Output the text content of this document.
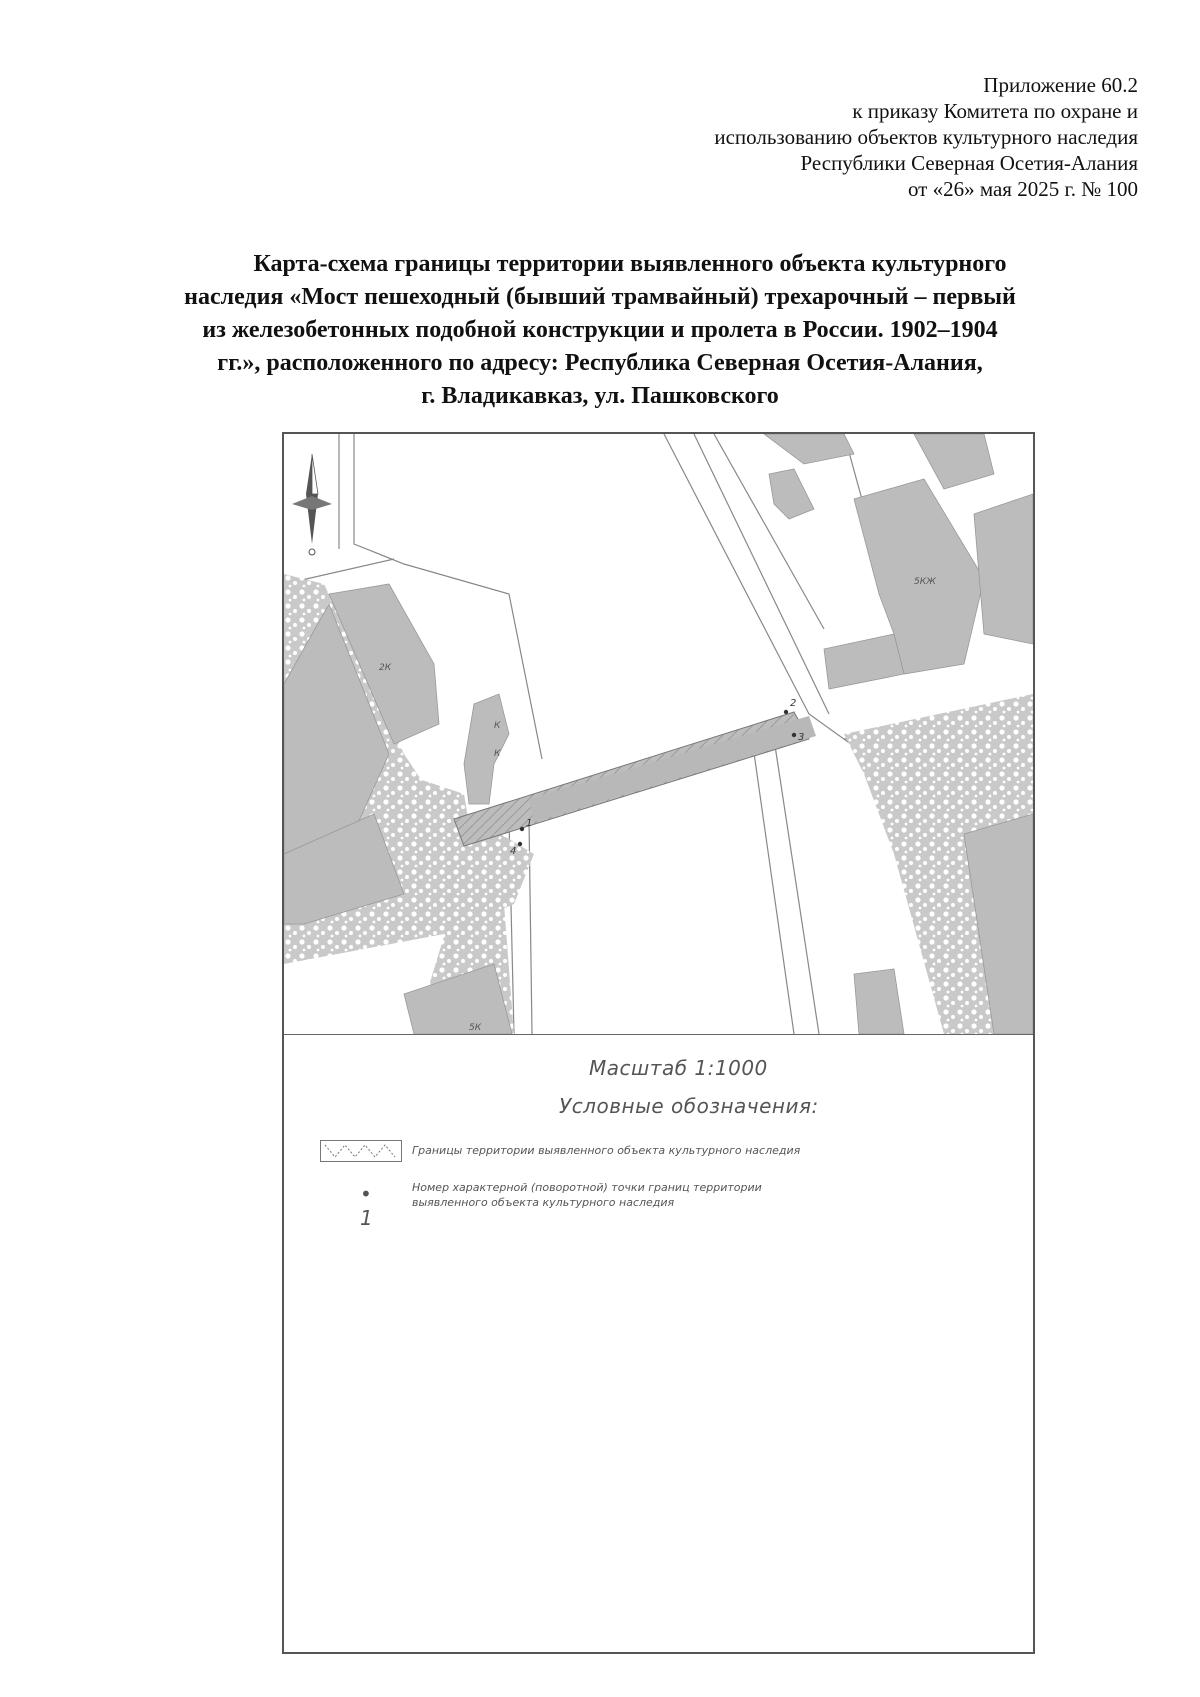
Приложение 60.2
к приказу Комитета по охране и
использованию объектов культурного наследия
Республики Северная Осетия-Алания
от «26» мая 2025 г. № 100
Карта-схема границы территории выявленного объекта культурного
наследия «Мост пешеходный (бывший трамвайный) трехарочный – первый
из железобетонных подобной конструкции и пролета в России. 1902–1904
гг.», расположенного по адресу: Республика Северная Осетия-Алания,
г. Владикавказ, ул. Пашковского
2К
К
К
5КЖ
5К
1
2
3
4
Масштаб 1:1000
Условные обозначения:
Границы территории выявленного объекта культурного наследия
• 1
Номер характерной (поворотной) точки границ территории выявленного объекта культурного наследия
